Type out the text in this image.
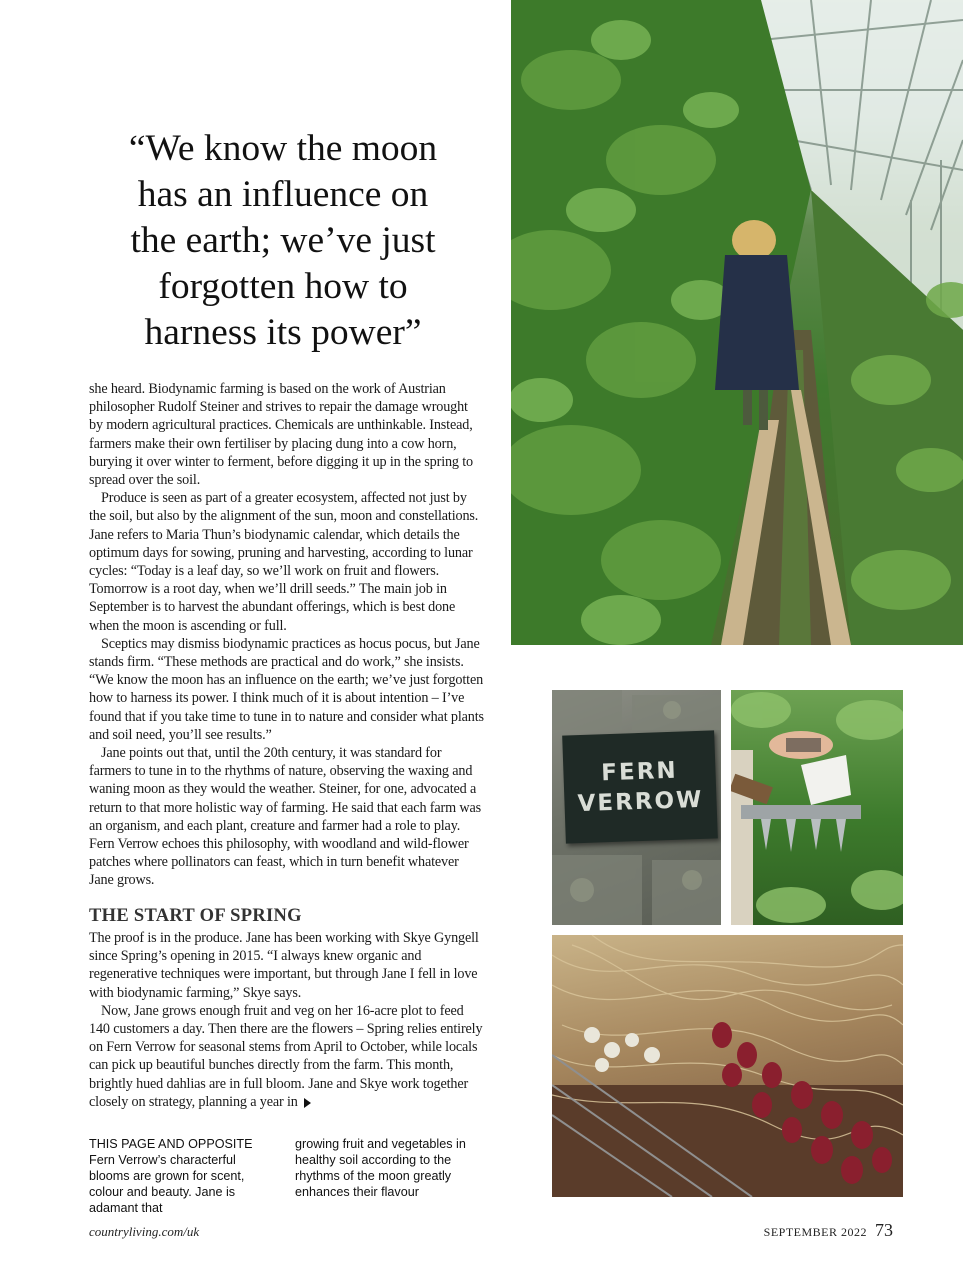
“We know the moon
has an influence on
the earth; we’ve just
forgotten how to
harness its power”

she heard. Biodynamic farming is based on the work of Austrian philosopher Rudolf Steiner and strives to repair the damage wrought by modern agricultural practices. Chemicals are unthinkable. Instead, farmers make their own fertiliser by placing dung into a cow horn, burying it over winter to ferment, before digging it up in the spring to spread over the soil.

Produce is seen as part of a greater ecosystem, affected not just by the soil, but also by the alignment of the sun, moon and constellations. Jane refers to Maria Thun’s biodynamic calendar, which details the optimum days for sowing, pruning and harvesting, according to lunar cycles: “Today is a leaf day, so we’ll work on fruit and flowers. Tomorrow is a root day, when we’ll drill seeds.” The main job in September is to harvest the abundant offerings, which is best done when the moon is ascending or full.

Sceptics may dismiss biodynamic practices as hocus pocus, but Jane stands firm. “These methods are practical and do work,” she insists. “We know the moon has an influence on the earth; we’ve just forgotten how to harness its power. I think much of it is about intention – I’ve found that if you take time to tune in to nature and consider what plants and soil need, you’ll see results.”

Jane points out that, until the 20th century, it was standard for farmers to tune in to the rhythms of nature, observing the waxing and waning moon as they would the weather. Steiner, for one, advocated a return to that more holistic way of farming. He said that each farm was an organism, and each plant, creature and farmer had a role to play. Fern Verrow echoes this philosophy, with woodland and wild-flower patches where pollinators can feast, which in turn benefit whatever Jane grows.

THE START OF SPRING

The proof is in the produce. Jane has been working with Skye Gyngell since Spring’s opening in 2015. “I always knew organic and regenerative techniques were important, but through Jane I fell in love with biodynamic farming,” Skye says.

Now, Jane grows enough fruit and veg on her 16-acre plot to feed 140 customers a day. Then there are the flowers – Spring relies entirely on Fern Verrow for seasonal stems from April to October, while locals can pick up beautiful bunches directly from the farm. This month, brightly hued dahlias are in full bloom. Jane and Skye work together closely on strategy, planning a year in

THIS PAGE AND OPPOSITE Fern Verrow’s characterful blooms are grown for scent, colour and beauty. Jane is adamant that
growing fruit and vegetables in healthy soil according to the rhythms of the moon greatly enhances their flavour
FERN
VERROW
countryliving.com/uk	SEPTEMBER 2022 73
